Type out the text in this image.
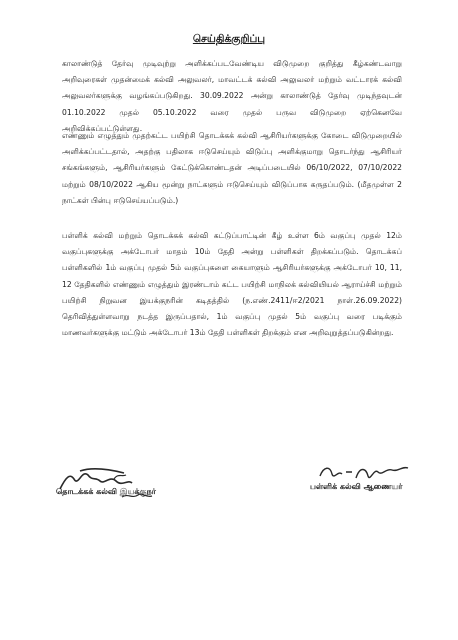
செய்திக்குறிப்பு
காலாண்டுத் தேர்வு முடிவுற்று அளிக்கப்படவேண்டிய விடுமுறை குறித்து கீழ்கண்டவாறு அறிவுரைகள் முதன்மைக் கல்வி அலுவலர், மாவட்டக் கல்வி அலுவலர் மற்றும் வட்டாரக் கல்வி அலுவலர்களுக்கு வழங்கப்படுகிறது. 30.09.2022 அன்று காலாண்டுத் தேர்வு முடிந்தவுடன் 01.10.2022 முதல் 05.10.2022 வரை முதல் பருவ விடுமுறை ஏற்கெனவே அறிவிக்கப்பட்டுள்ளது.
எண்ணும் எழுத்தும் முதற்கட்ட பயிற்சி தொடக்கக் கல்வி ஆசிரியர்களுக்கு கோடை விடுமுறையில் அளிக்கப்பட்டதால், அதற்கு பதிலாக ஈடுசெய்யும் விடுப்பு அளிக்குமாறு தொடர்ந்து ஆசிரியர் சங்கங்களும், ஆசிரியர்களும் கேட்டுக்கொண்டதன் அடிப்படையில் 06/10/2022, 07/10/2022 மற்றும் 08/10/2022 ஆகிய மூன்று நாட்களும் ஈடுசெய்யும் விடுப்பாக கருதப்படும். (மீதமுள்ள 2 நாட்கள் பின்பு ஈடுசெய்யப்படும்.)
பள்ளிக் கல்வி மற்றும் தொடக்கக் கல்வி கட்டுப்பாட்டின் கீழ் உள்ள 6ம் வகுப்பு முதல் 12ம் வகுப்புகளுக்கு அக்டோபர் மாதம் 10ம் தேதி அன்று பள்ளிகள் திறக்கப்படும். தொடக்கப் பள்ளிகளில் 1ம் வகுப்பு முதல் 5ம் வகுப்புகளை கையாளும் ஆசிரியர்களுக்கு அக்டோபர் 10, 11, 12 தேதிகளில் எண்ணும் எழுத்தும் இரண்டாம் கட்ட பயிற்சி மாநிலக் கல்வியியல் ஆராய்ச்சி மற்றும் பயிற்சி நிறுவன இயக்குநரின் கடிதத்தில் (ந.எண்.2411/ஈ2/2021 நாள்.26.09.2022) தெரிவித்துள்ளவாறு நடத்த இருப்பதால், 1ம் வகுப்பு முதல் 5ம் வகுப்பு வரை படிக்கும் மாணவர்களுக்கு மட்டும் அக்டோபர் 13ம் தேதி பள்ளிகள் திறக்கும் என அறிவுறுத்தப்படுகின்றது.
தொடக்கக் கல்வி இயக்குநர்
பள்ளிக் கல்வி ஆணையர்
